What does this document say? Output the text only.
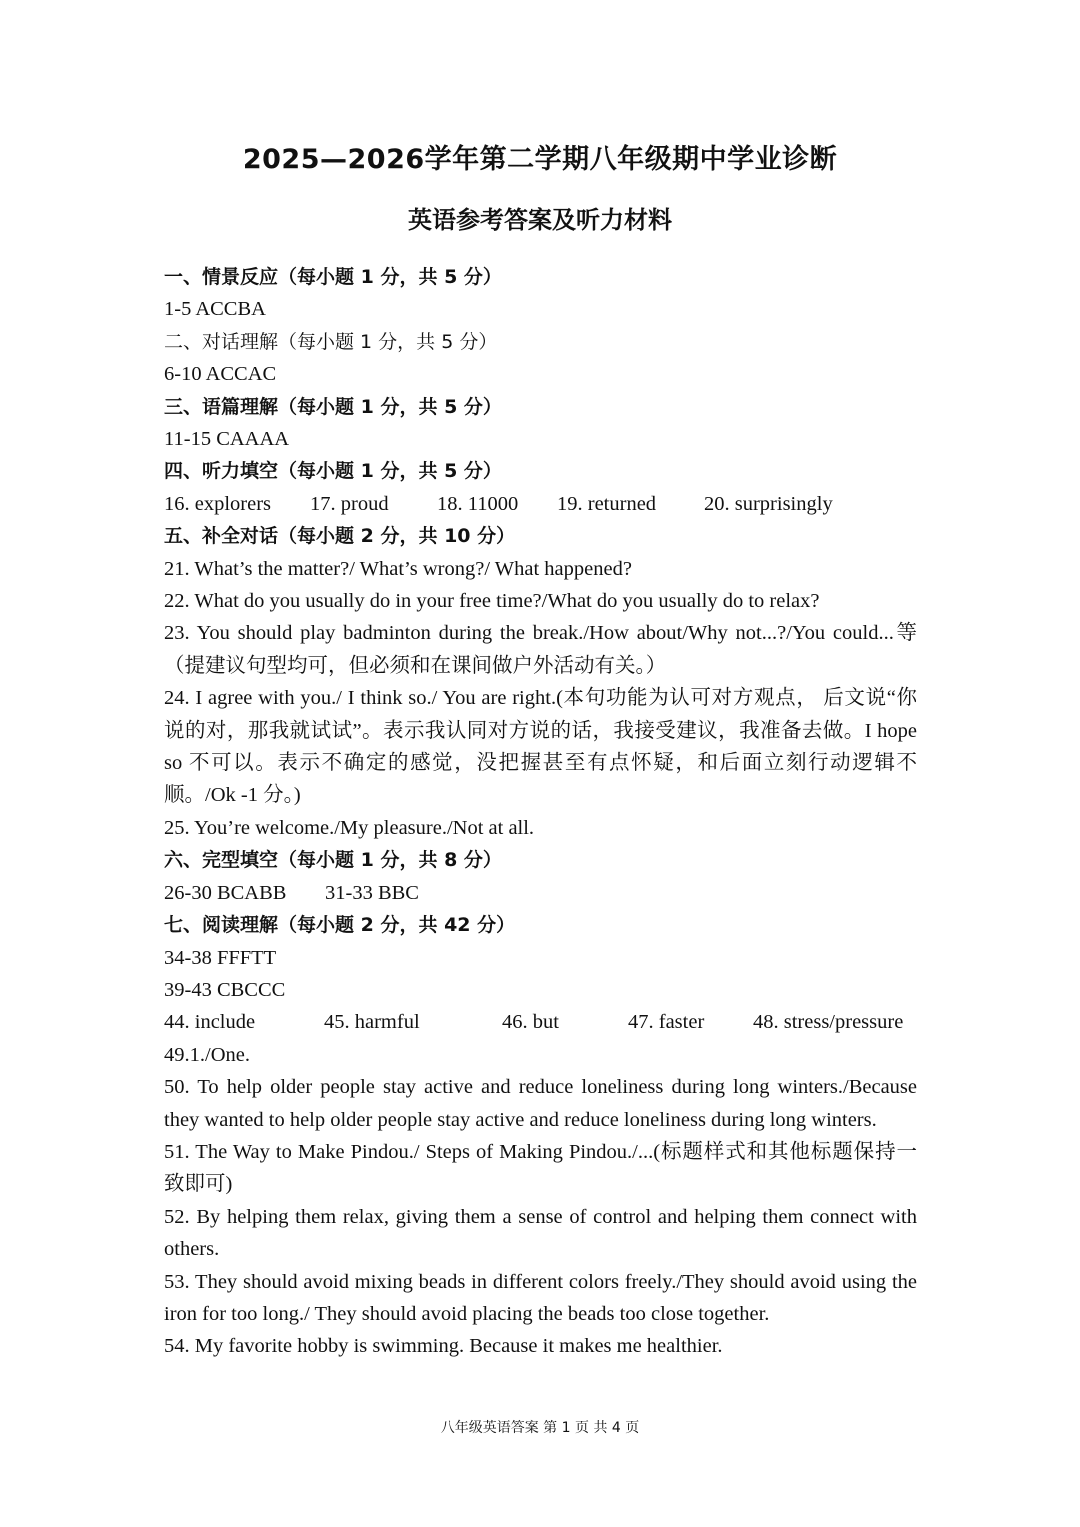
2025—2026学年第二学期八年级期中学业诊断
英语参考答案及听力材料

一、情景反应（每小题 1 分，共 5 分）

1-5 ACCBA

二、对话理解（每小题 1 分，共 5 分）

6-10 ACCAC

三、语篇理解（每小题 1 分，共 5 分）

11-15 CAAAA

四、听力填空（每小题 1 分，共 5 分）

16. explorers 17. proud 18. 11000 19. returned 20. surprisingly

五、补全对话（每小题 2 分，共 10 分）

21. What’s the matter?/ What’s wrong?/ What happened?

22. What do you usually do in your free time?/What do you usually do to relax?

23. You should play badminton during the break./How about/Why not...?/You could...等（提建议句型均可，但必须和在课间做户外活动有关。）

24. I agree with you./ I think so./ You are right.(本句功能为认可对方观点， 后文说“你说的对，那我就试试”。表示我认同对方说的话，我接受建议，我准备去做。I hope so 不可以。表示不确定的感觉，没把握甚至有点怀疑，和后面立刻行动逻辑不顺。/Ok -1 分。)

25. You’re welcome./My pleasure./Not at all.

六、完型填空（每小题 1 分，共 8 分）

26-30 BCABB 31-33 BBC

七、阅读理解（每小题 2 分，共 42 分）

34-38 FFFTT

39-43 CBCCC

44. include	45. harmful	46. but	47. faster 48. stress/pressure

49.1./One.

50. To help older people stay active and reduce loneliness during long winters./Because they wanted to help older people stay active and reduce loneliness during long winters.

51. The Way to Make Pindou./ Steps of Making Pindou./...(标题样式和其他标题保持一致即可)

52. By helping them relax, giving them a sense of control and helping them connect with others.

53. They should avoid mixing beads in different colors freely./They should avoid using the iron for too long./ They should avoid placing the beads too close together.

54. My favorite hobby is swimming. Because it makes me healthier.

八年级英语答案 第 1 页 共 4 页
